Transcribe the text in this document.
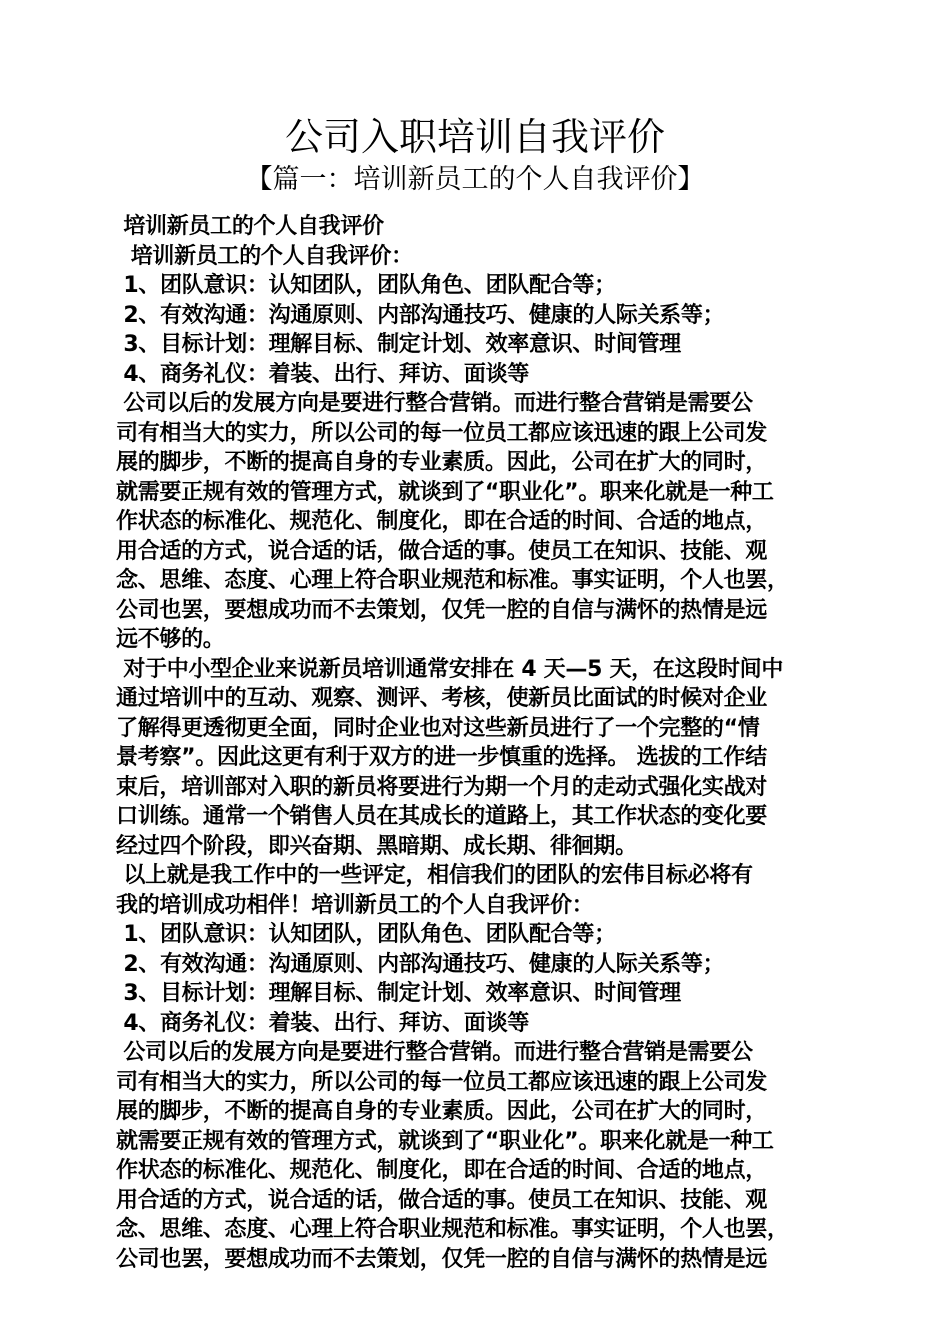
公司入职培训自我评价
【篇一：培训新员工的个人自我评价】
培训新员工的个人自我评价
培训新员工的个人自我评价：
1、团队意识：认知团队，团队角色、团队配合等；
2、有效沟通：沟通原则、内部沟通技巧、健康的人际关系等；
3、目标计划：理解目标、制定计划、效率意识、时间管理
4、商务礼仪：着装、出行、拜访、面谈等
公司以后的发展方向是要进行整合营销。而进行整合营销是需要公
司有相当大的实力，所以公司的每一位员工都应该迅速的跟上公司发
展的脚步，不断的提高自身的专业素质。因此，公司在扩大的同时，
就需要正规有效的管理方式，就谈到了“职业化”。职来化就是一种工
作状态的标准化、规范化、制度化，即在合适的时间、合适的地点，
用合适的方式，说合适的话，做合适的事。使员工在知识、技能、观
念、思维、态度、心理上符合职业规范和标准。事实证明，个人也罢，
公司也罢，要想成功而不去策划，仅凭一腔的自信与满怀的热情是远
远不够的。
对于中小型企业来说新员培训通常安排在 4 天—5 天，在这段时间中
通过培训中的互动、观察、测评、考核，使新员比面试的时候对企业
了解得更透彻更全面，同时企业也对这些新员进行了一个完整的“情
景考察”。因此这更有利于双方的进一步慎重的选择。 选拔的工作结
束后，培训部对入职的新员将要进行为期一个月的走动式强化实战对
口训练。通常一个销售人员在其成长的道路上，其工作状态的变化要
经过四个阶段，即兴奋期、黑暗期、成长期、徘徊期。
以上就是我工作中的一些评定，相信我们的团队的宏伟目标必将有
我的培训成功相伴！培训新员工的个人自我评价：
1、团队意识：认知团队，团队角色、团队配合等；
2、有效沟通：沟通原则、内部沟通技巧、健康的人际关系等；
3、目标计划：理解目标、制定计划、效率意识、时间管理
4、商务礼仪：着装、出行、拜访、面谈等
公司以后的发展方向是要进行整合营销。而进行整合营销是需要公
司有相当大的实力，所以公司的每一位员工都应该迅速的跟上公司发
展的脚步，不断的提高自身的专业素质。因此，公司在扩大的同时，
就需要正规有效的管理方式，就谈到了“职业化”。职来化就是一种工
作状态的标准化、规范化、制度化，即在合适的时间、合适的地点，
用合适的方式，说合适的话，做合适的事。使员工在知识、技能、观
念、思维、态度、心理上符合职业规范和标准。事实证明，个人也罢，
公司也罢，要想成功而不去策划，仅凭一腔的自信与满怀的热情是远
